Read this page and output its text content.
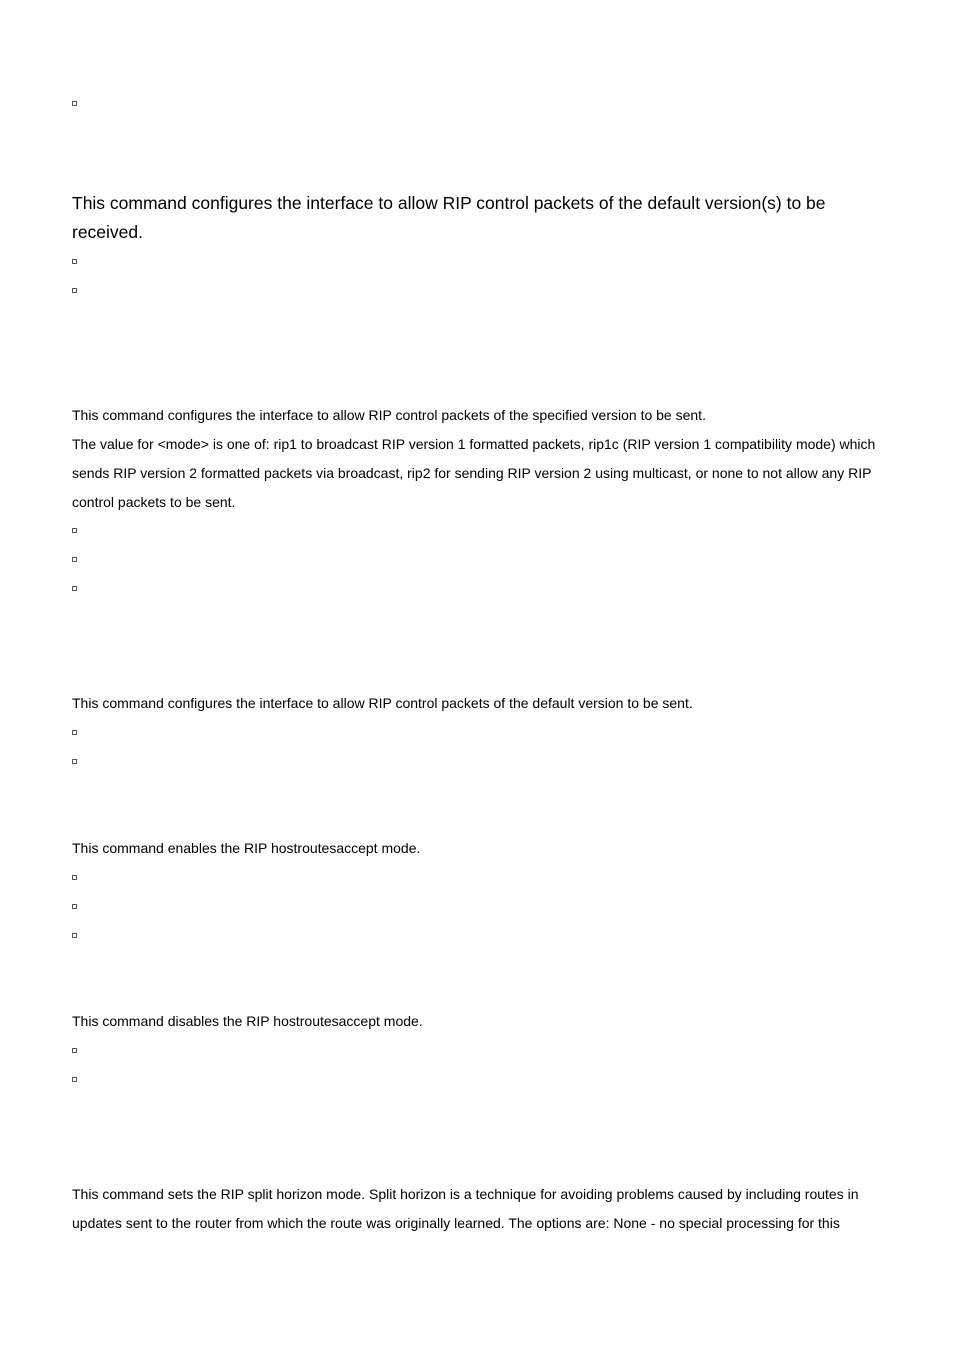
This command configures the interface to allow RIP control packets of the default version(s) to be received.

This command configures the interface to allow RIP control packets of the specified version to be sent.

The value for <mode> is one of: rip1 to broadcast RIP version 1 formatted packets, rip1c (RIP version 1 compatibility mode) which sends RIP version 2 formatted packets via broadcast, rip2 for sending RIP version 2 using multicast, or none to not allow any RIP control packets to be sent.

This command configures the interface to allow RIP control packets of the default version to be sent.

This command enables the RIP hostroutesaccept mode.

This command disables the RIP hostroutesaccept mode.

This command sets the RIP split horizon mode. Split horizon is a technique for avoiding problems caused by including routes in updates sent to the router from which the route was originally learned. The options are: None - no special processing for this
